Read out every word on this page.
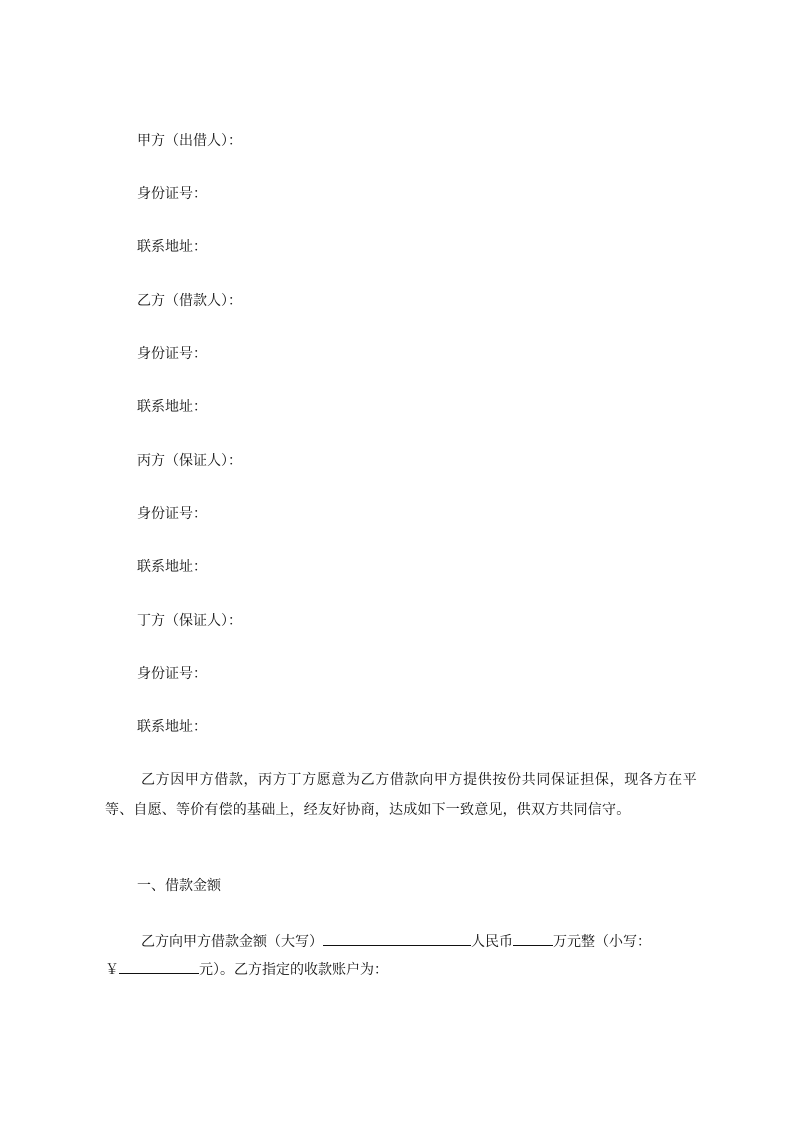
甲方（出借人）：

身份证号：

联系地址：

乙方（借款人）：

身份证号：

联系地址：

丙方（保证人）：

身份证号：

联系地址：

丁方（保证人）：

身份证号：

联系地址：

乙方因甲方借款，丙方丁方愿意为乙方借款向甲方提供按份共同保证担保，现各方在平等、自愿、等价有偿的基础上，经友好协商，达成如下一致意见，供双方共同信守。

一、借款金额

乙方向甲方借款金额（大写）	人民币	万元整（小写：
￥	元）。乙方指定的收款账户为：
